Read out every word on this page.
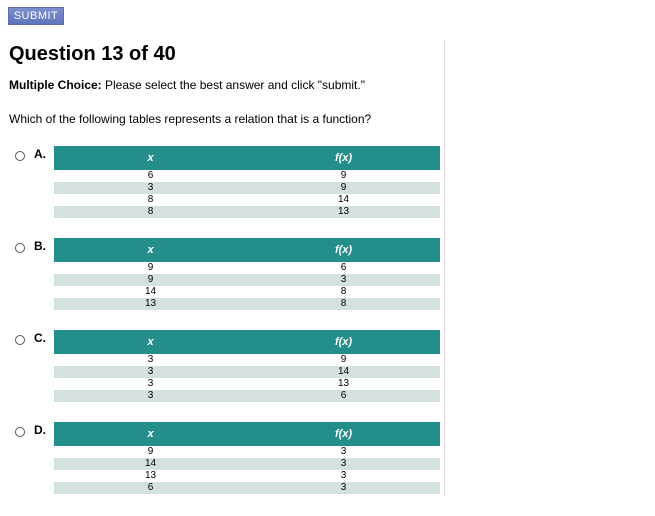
SUBMIT
Question 13 of 40
Multiple Choice: Please select the best answer and click "submit."
Which of the following tables represents a relation that is a function?
A.	x	f(x)
6	9
3	9
8	14
8	13
B.	x	f(x)
9	6
9	3
14	8
13	8
C.	x	f(x)
3	9
3	14
3	13
3	6
D.	x	f(x)
9	3
14	3
13	3
6	3
